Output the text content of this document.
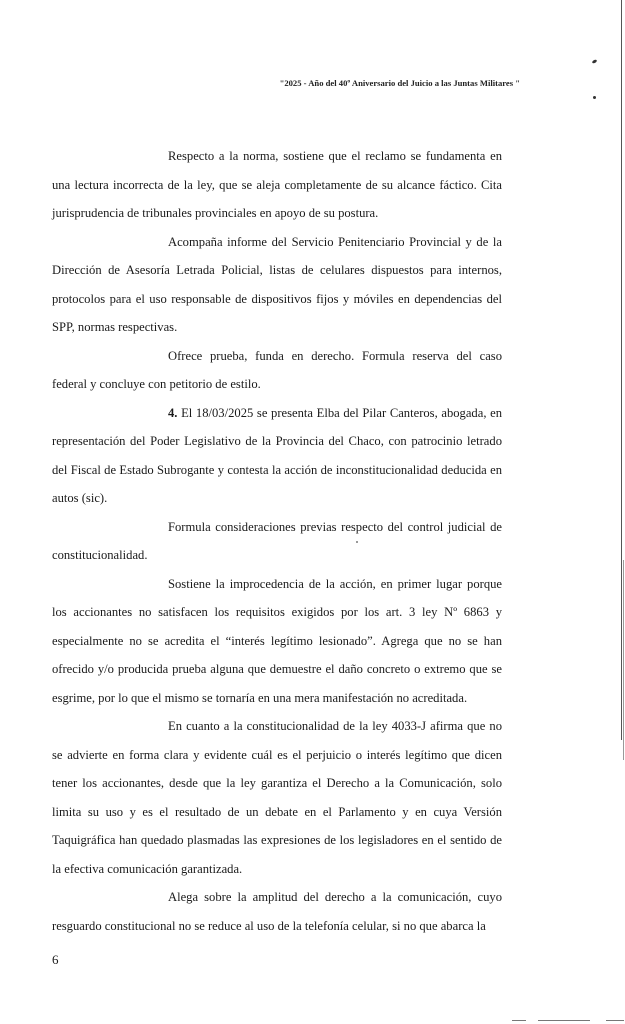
"2025 - Año del 40º Aniversario del Juicio a las Juntas Militares "

Respecto a la norma, sostiene que el reclamo se fundamenta en una lectura incorrecta de la ley, que se aleja completamente de su alcance fáctico. Cita jurisprudencia de tribunales provinciales en apoyo de su postura.

Acompaña informe del Servicio Penitenciario Provincial y de la Dirección de Asesoría Letrada Policial, listas de celulares dispuestos para internos, protocolos para el uso responsable de dispositivos fijos y móviles en dependencias del SPP, normas respectivas.

Ofrece prueba, funda en derecho. Formula reserva del caso federal y concluye con petitorio de estilo.

4. El 18/03/2025 se presenta Elba del Pilar Canteros, abogada, en representación del Poder Legislativo de la Provincia del Chaco, con patrocinio letrado del Fiscal de Estado Subrogante y contesta la acción de inconstitucionalidad deducida en autos (sic).

Formula consideraciones previas respecto del control judicial de constitucionalidad.

Sostiene la improcedencia de la acción, en primer lugar porque los accionantes no satisfacen los requisitos exigidos por los art. 3 ley Nº 6863 y especialmente no se acredita el “interés legítimo lesionado”. Agrega que no se han ofrecido y/o producida prueba alguna que demuestre el daño concreto o extremo que se esgrime, por lo que el mismo se tornaría en una mera manifestación no acreditada.

En cuanto a la constitucionalidad de la ley 4033-J afirma que no se advierte en forma clara y evidente cuál es el perjuicio o interés legítimo que dicen tener los accionantes, desde que la ley garantiza el Derecho a la Comunicación, solo limita su uso y es el resultado de un debate en el Parlamento y en cuya Versión Taquigráfica han quedado plasmadas las expresiones de los legisladores en el sentido de la efectiva comunicación garantizada.

Alega sobre la amplitud del derecho a la comunicación, cuyo resguardo constitucional no se reduce al uso de la telefonía celular, si no que abarca la

6
